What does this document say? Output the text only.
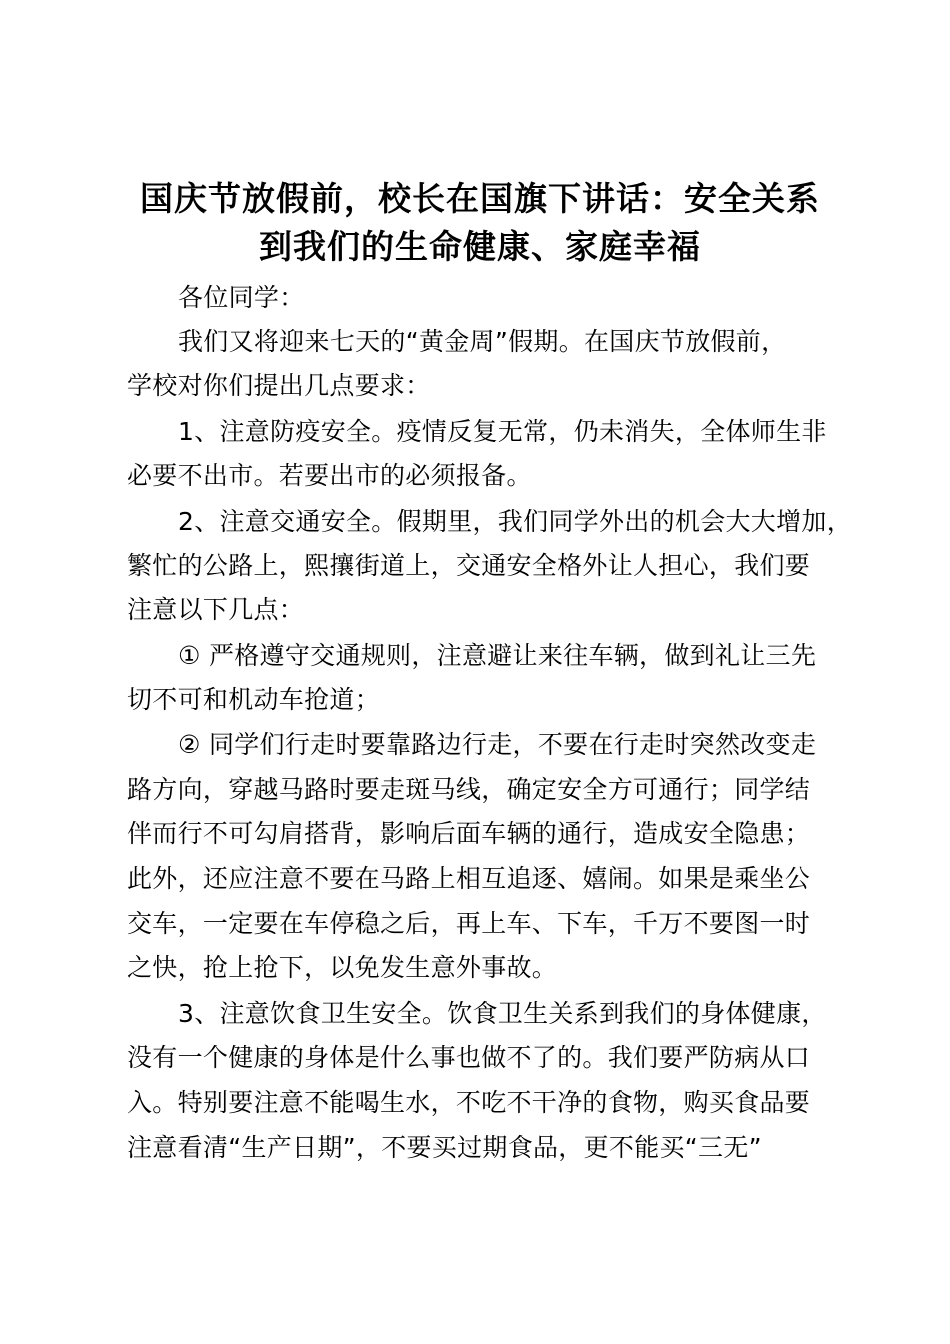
国庆节放假前，校长在国旗下讲话：安全关系
到我们的生命健康、家庭幸福
各位同学：
我们又将迎来七天的“黄金周”假期。在国庆节放假前，
学校对你们提出几点要求：
1、注意防疫安全。疫情反复无常，仍未消失，全体师生非
必要不出市。若要出市的必须报备。
2、注意交通安全。假期里，我们同学外出的机会大大增加，
繁忙的公路上，熙攘街道上，交通安全格外让人担心，我们要
注意以下几点：
① 严格遵守交通规则，注意避让来往车辆，做到礼让三先
切不可和机动车抢道；
② 同学们行走时要靠路边行走，不要在行走时突然改变走
路方向，穿越马路时要走斑马线，确定安全方可通行；同学结
伴而行不可勾肩搭背，影响后面车辆的通行，造成安全隐患；
此外，还应注意不要在马路上相互追逐、嬉闹。如果是乘坐公
交车，一定要在车停稳之后，再上车、下车，千万不要图一时
之快，抢上抢下，以免发生意外事故。
3、注意饮食卫生安全。饮食卫生关系到我们的身体健康，
没有一个健康的身体是什么事也做不了的。我们要严防病从口
入。特别要注意不能喝生水，不吃不干净的食物，购买食品要
注意看清“生产日期”，不要买过期食品，更不能买“三无”
